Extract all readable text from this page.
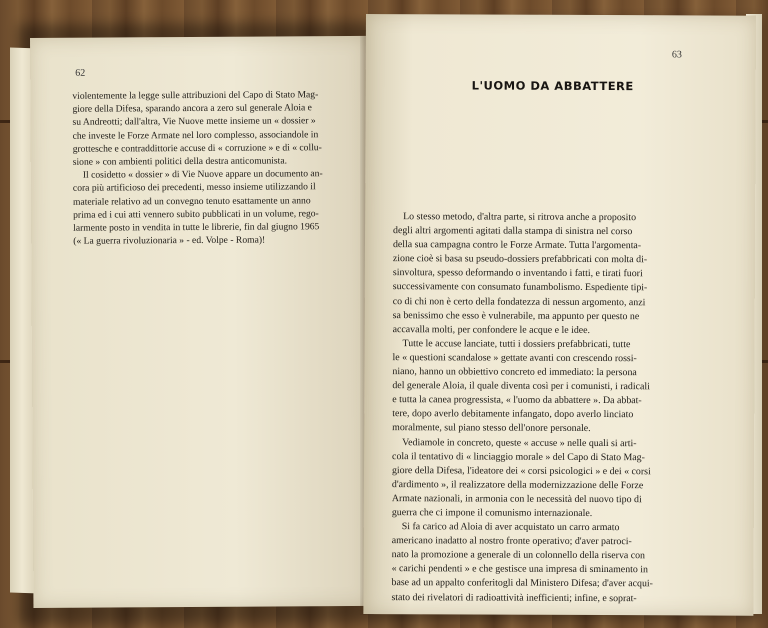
62
violentemente la legge sulle attribuzioni del Capo di Stato Mag-
giore della Difesa, sparando ancora a zero sul generale Aloia e
su Andreotti; dall'altra, Vie Nuove mette insieme un « dossier »
che investe le Forze Armate nel loro complesso, associandole in
grottesche e contraddittorie accuse di « corruzione » e di « collu-
sione » con ambienti politici della destra anticomunista.
Il cosidetto « dossier » di Vie Nuove appare un documento an-
cora più artificioso dei precedenti, messo insieme utilizzando il
materiale relativo ad un convegno tenuto esattamente un anno
prima ed i cui atti vennero subito pubblicati in un volume, rego-
larmente posto in vendita in tutte le librerie, fin dal giugno 1965
(« La guerra rivoluzionaria » - ed. Volpe - Roma)!
63
L'UOMO DA ABBATTERE
Lo stesso metodo, d'altra parte, si ritrova anche a proposito
degli altri argomenti agitati dalla stampa di sinistra nel corso
della sua campagna contro le Forze Armate. Tutta l'argomenta-
zione cioè si basa su pseudo-dossiers prefabbricati con molta di-
sinvoltura, spesso deformando o inventando i fatti, e tirati fuori
successivamente con consumato funambolismo. Espediente tipi-
co di chi non è certo della fondatezza di nessun argomento, anzi
sa benissimo che esso è vulnerabile, ma appunto per questo ne
accavalla molti, per confondere le acque e le idee.
Tutte le accuse lanciate, tutti i dossiers prefabbricati, tutte
le « questioni scandalose » gettate avanti con crescendo rossi-
niano, hanno un obbiettivo concreto ed immediato: la persona
del generale Aloia, il quale diventa così per i comunisti, i radicali
e tutta la canea progressista, « l'uomo da abbattere ». Da abbat-
tere, dopo averlo debitamente infangato, dopo averlo linciato
moralmente, sul piano stesso dell'onore personale.
Vediamole in concreto, queste « accuse » nelle quali si arti-
cola il tentativo di « linciaggio morale » del Capo di Stato Mag-
giore della Difesa, l'ideatore dei « corsi psicologici » e dei « corsi
d'ardimento », il realizzatore della modernizzazione delle Forze
Armate nazionali, in armonia con le necessità del nuovo tipo di
guerra che ci impone il comunismo internazionale.
Si fa carico ad Aloia di aver acquistato un carro armato
americano inadatto al nostro fronte operativo; d'aver patroci-
nato la promozione a generale di un colonnello della riserva con
« carichi pendenti » e che gestisce una impresa di sminamento in
base ad un appalto conferitogli dal Ministero Difesa; d'aver acqui-
stato dei rivelatori di radioattività inefficienti; infine, e soprat-
